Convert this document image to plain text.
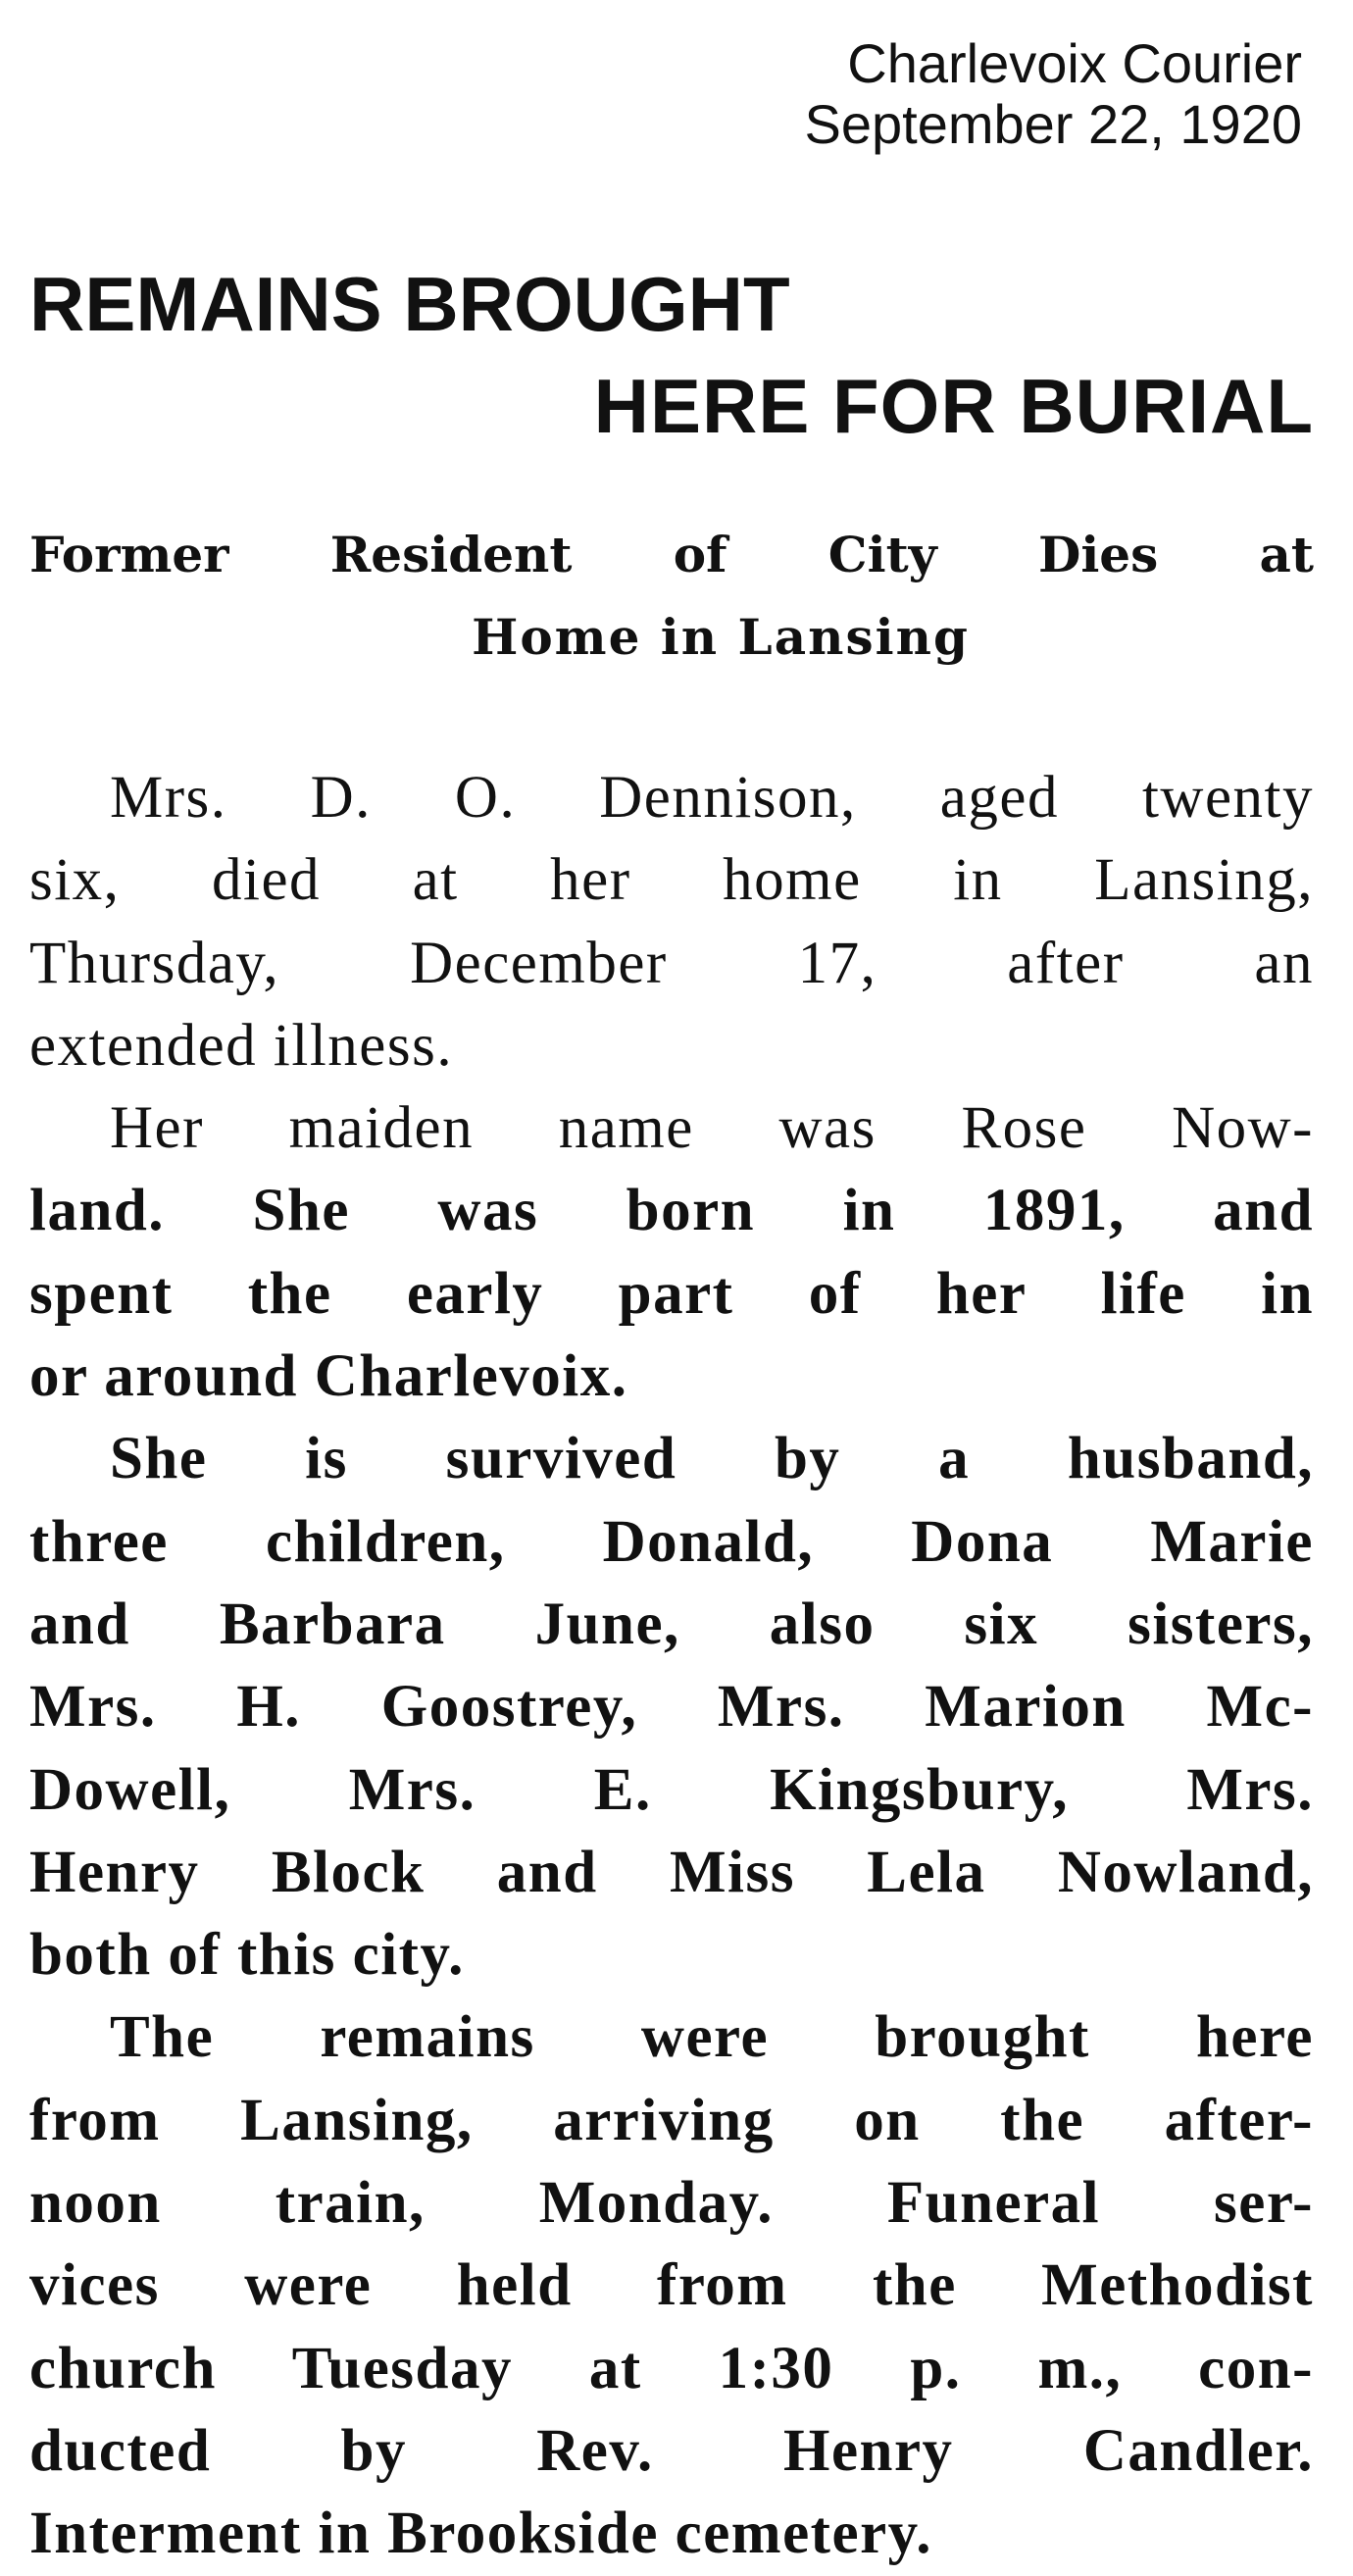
Charlevoix Courier
September 22, 1920
REMAINS BROUGHT
HERE FOR BURIAL
Former Resident of City Dies at
Home in Lansing
Mrs. D. O. Dennison, aged twenty
six, died at her home in Lansing,
Thursday, December 17, after an
extended illness.
Her maiden name was Rose Now-
land. She was born in 1891, and
spent the early part of her life in
or around Charlevoix.
She is survived by a husband,
three children, Donald, Dona Marie
and Barbara June, also six sisters,
Mrs. H. Goostrey, Mrs. Marion Mc-
Dowell, Mrs. E. Kingsbury, Mrs.
Henry Block and Miss Lela Nowland,
both of this city.
The remains were brought here
from Lansing, arriving on the after-
noon train, Monday. Funeral ser-
vices were held from the Methodist
church Tuesday at 1:30 p. m., con-
ducted by Rev. Henry Candler.
Interment in Brookside cemetery.
